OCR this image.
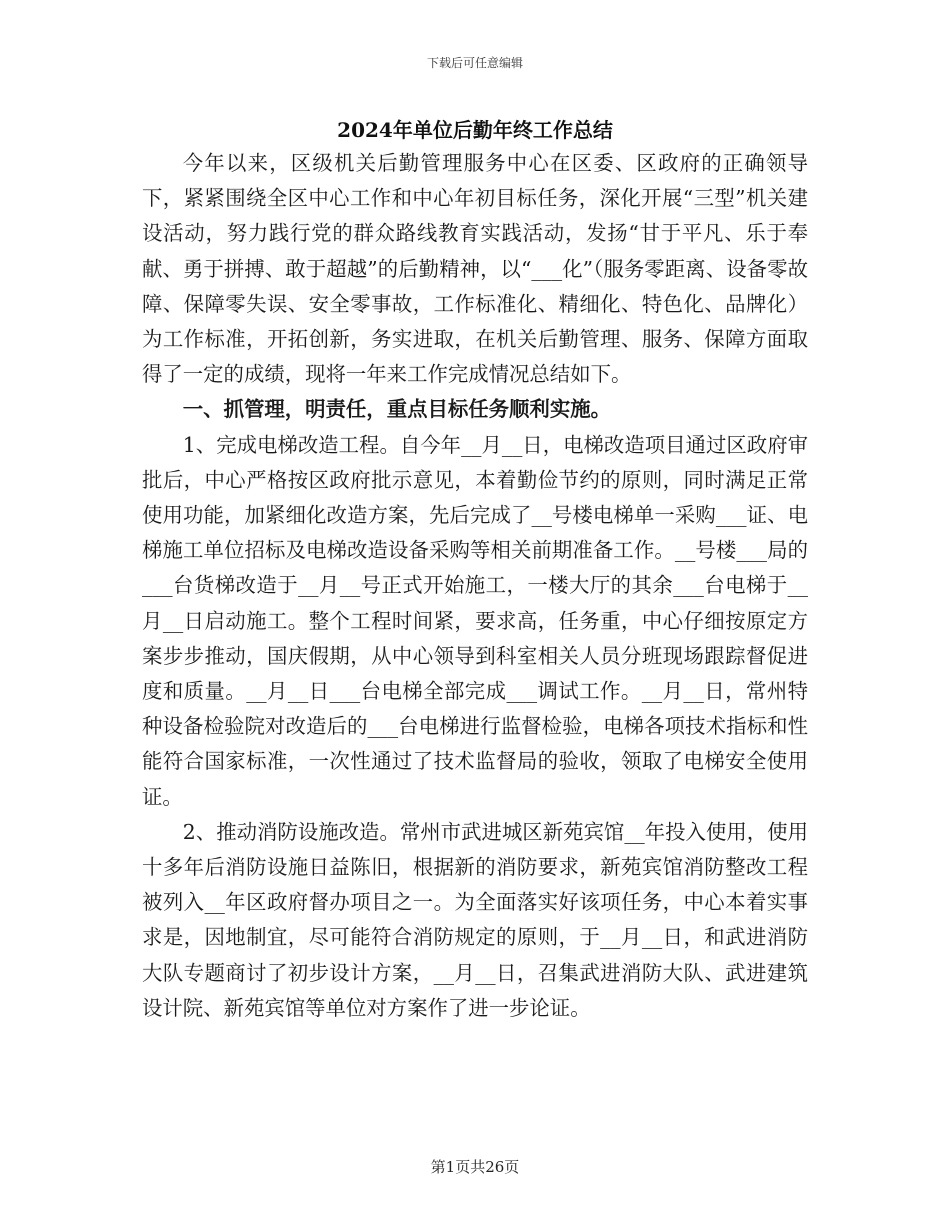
下载后可任意编辑
2024年单位后勤年终工作总结

今年以来，区级机关后勤管理服务中心在区委、区政府的正确领导下，紧紧围绕全区中心工作和中心年初目标任务，深化开展“三型”机关建设活动，努力践行党的群众路线教育实践活动，发扬“甘于平凡、乐于奉献、勇于拼搏、敢于超越”的后勤精神，以“___化”（服务零距离、设备零故障、保障零失误、安全零事故，工作标准化、精细化、特色化、品牌化）为工作标准，开拓创新，务实进取，在机关后勤管理、服务、保障方面取得了一定的成绩，现将一年来工作完成情况总结如下。

一、抓管理，明责任，重点目标任务顺利实施。

1、完成电梯改造工程。自今年__月__日，电梯改造项目通过区政府审批后，中心严格按区政府批示意见，本着勤俭节约的原则，同时满足正常使用功能，加紧细化改造方案，先后完成了__号楼电梯单一采购___证、电梯施工单位招标及电梯改造设备采购等相关前期准备工作。__号楼___局的___台货梯改造于__月__号正式开始施工，一楼大厅的其余___台电梯于__月__日启动施工。整个工程时间紧，要求高，任务重，中心仔细按原定方案步步推动，国庆假期，从中心领导到科室相关人员分班现场跟踪督促进度和质量。__月__日___台电梯全部完成___调试工作。__月__日，常州特种设备检验院对改造后的___台电梯进行监督检验，电梯各项技术指标和性能符合国家标准，一次性通过了技术监督局的验收，领取了电梯安全使用证。

2、推动消防设施改造。常州市武进城区新苑宾馆__年投入使用，使用十多年后消防设施日益陈旧，根据新的消防要求，新苑宾馆消防整改工程被列入__年区政府督办项目之一。为全面落实好该项任务，中心本着实事求是，因地制宜，尽可能符合消防规定的原则，于__月__日，和武进消防大队专题商讨了初步设计方案，__月__日，召集武进消防大队、武进建筑设计院、新苑宾馆等单位对方案作了进一步论证。

第1页共26页
